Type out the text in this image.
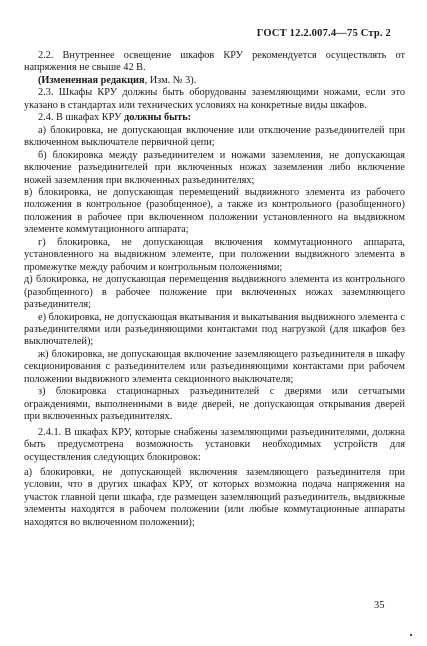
ГОСТ 12.2.007.4—75 Стр. 2

2.2. Внутреннее освещение шкафов КРУ рекомендуется осуществлять от напряжения не свыше 42 В.

(Измененная редакция, Изм. № 3).

2.3. Шкафы КРУ должны быть оборудованы заземляющими ножами, если это указано в стандартах или технических условиях на конкретные виды шкафов.

2.4. В шкафах КРУ должны быть:

а) блокировка, не допускающая включение или отключение разъединителей при включенном выключателе первичной цепи;

б) блокировка между разъединителем и ножами заземления, не допускающая включение разъединителей при включенных ножах заземления либо включение ножей заземления при включенных разъединителях;

в) блокировка, не допускающая перемещений выдвижного элемента из рабочего положения в контрольное (разобщенное), а также из контрольного (разобщенного) положения в рабочее при включенном положении установленного на выдвижном элементе коммутационного аппарата;

г) блокировка, не допускающая включения коммутационного аппарата, установленного на выдвижном элементе, при положении выдвижного элемента в промежутке между рабочим и контрольным положениями;

д) блокировка, не допускающая перемещения выдвижного элемента из контрольного (разобщенного) в рабочее положение при включенных ножах заземляющего разъединителя;

е) блокировка, не допускающая вкатывания и выкатывания выдвижного элемента с разъединителями или разъединяющими контактами под нагрузкой (для шкафов без выключателей);

ж) блокировка, не допускающая включение заземляющего разъединителя в шкафу секционирования с разъединителем или разъединяющими контактами при рабочем положении выдвижного элемента секционного выключателя;

з) блокировка стационарных разъединителей с дверями или сетчатыми ограждениями, выполненными в виде дверей, не допускающая открывания дверей при включенных разъединителях.

2.4.1. В шкафах КРУ, которые снабжены заземляющими разъединителями, должна быть предусмотрена возможность установки необходимых устройств для осуществления следующих блокировок:

а) блокировки, не допускающей включения заземляющего разъединителя при условии, что в других шкафах КРУ, от которых возможна подача напряжения на участок главной цепи шкафа, где размещен заземляющий разъединитель, выдвижные элементы находятся в рабочем положении (или любые коммутационные аппараты находятся во включенном положении);

35
